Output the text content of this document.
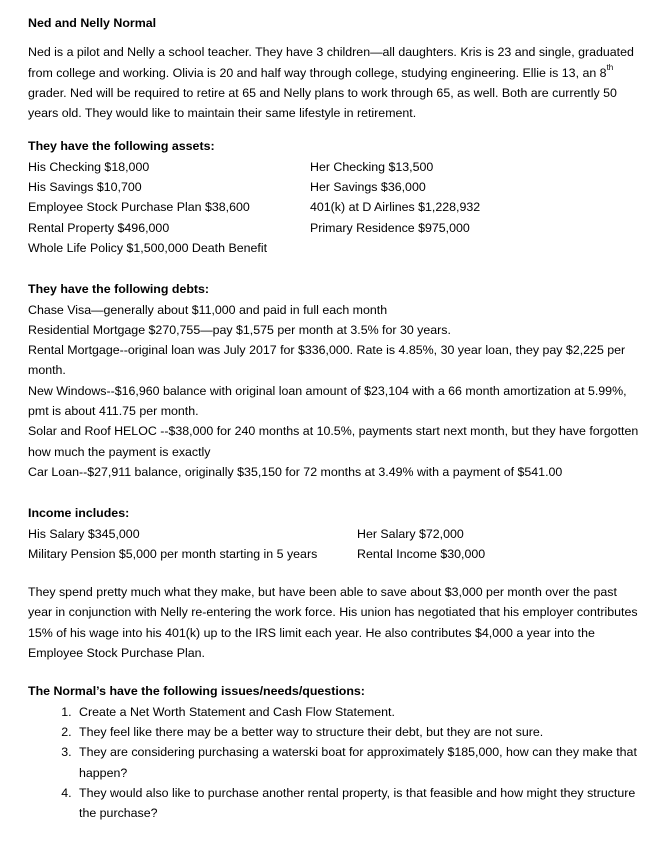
Ned and Nelly Normal

Ned is a pilot and Nelly a school teacher. They have 3 children—all daughters. Kris is 23 and single, graduated from college and working. Olivia is 20 and half way through college, studying engineering. Ellie is 13, an 8th grader. Ned will be required to retire at 65 and Nelly plans to work through 65, as well. Both are currently 50 years old. They would like to maintain their same lifestyle in retirement.

They have the following assets:

His Checking $18,000	Her Checking $13,500
His Savings $10,700	Her Savings $36,000
Employee Stock Purchase Plan $38,600	401(k) at D Airlines $1,228,932
Rental Property $496,000	Primary Residence $975,000
Whole Life Policy $1,500,000 Death Benefit

They have the following debts:

Chase Visa—generally about $11,000 and paid in full each month

Residential Mortgage $270,755—pay $1,575 per month at 3.5% for 30 years.

Rental Mortgage--original loan was July 2017 for $336,000. Rate is 4.85%, 30 year loan, they pay $2,225 per month.

New Windows--$16,960 balance with original loan amount of $23,104 with a 66 month amortization at 5.99%, pmt is about 411.75 per month.

Solar and Roof HELOC --$38,000 for 240 months at 10.5%, payments start next month, but they have forgotten how much the payment is exactly

Car Loan--$27,911 balance, originally $35,150 for 72 months at 3.49% with a payment of $541.00

Income includes:

His Salary $345,000	Her Salary $72,000
Military Pension $5,000 per month starting in 5 years	Rental Income $30,000

They spend pretty much what they make, but have been able to save about $3,000 per month over the past year in conjunction with Nelly re-entering the work force. His union has negotiated that his employer contributes 15% of his wage into his 401(k) up to the IRS limit each year. He also contributes $4,000 a year into the Employee Stock Purchase Plan.

The Normal’s have the following issues/needs/questions:

1. Create a Net Worth Statement and Cash Flow Statement.
2. They feel like there may be a better way to structure their debt, but they are not sure.
3. They are considering purchasing a waterski boat for approximately $185,000, how can they make that happen?
4. They would also like to purchase another rental property, is that feasible and how might they structure the purchase?
